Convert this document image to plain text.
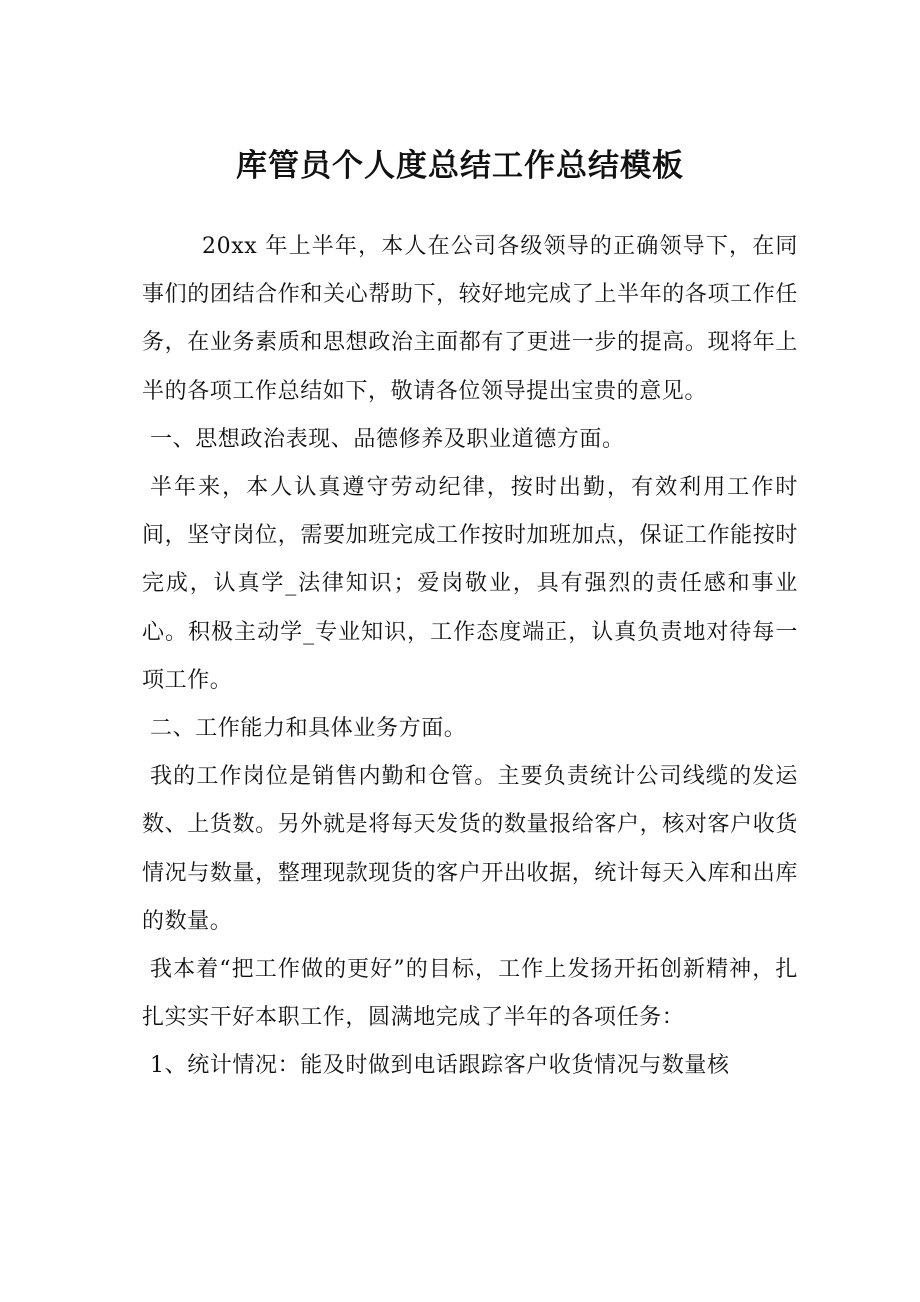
库管员个人度总结工作总结模板

20xx 年上半年，本人在公司各级领导的正确领导下，在同事们的团结合作和关心帮助下，较好地完成了上半年的各项工作任务，在业务素质和思想政治主面都有了更进一步的提高。现将年上半的各项工作总结如下，敬请各位领导提出宝贵的意见。

一、思想政治表现、品德修养及职业道德方面。

半年来，本人认真遵守劳动纪律，按时出勤，有效利用工作时间，坚守岗位，需要加班完成工作按时加班加点，保证工作能按时完成，认真学_法律知识；爱岗敬业，具有强烈的责任感和事业心。积极主动学_专业知识，工作态度端正，认真负责地对待每一项工作。

二、工作能力和具体业务方面。

我的工作岗位是销售内勤和仓管。主要负责统计公司线缆的发运数、上货数。另外就是将每天发货的数量报给客户，核对客户收货情况与数量，整理现款现货的客户开出收据，统计每天入库和出库的数量。

我本着“把工作做的更好”的目标，工作上发扬开拓创新精神，扎扎实实干好本职工作，圆满地完成了半年的各项任务：

1、统计情况：能及时做到电话跟踪客户收货情况与数量核
